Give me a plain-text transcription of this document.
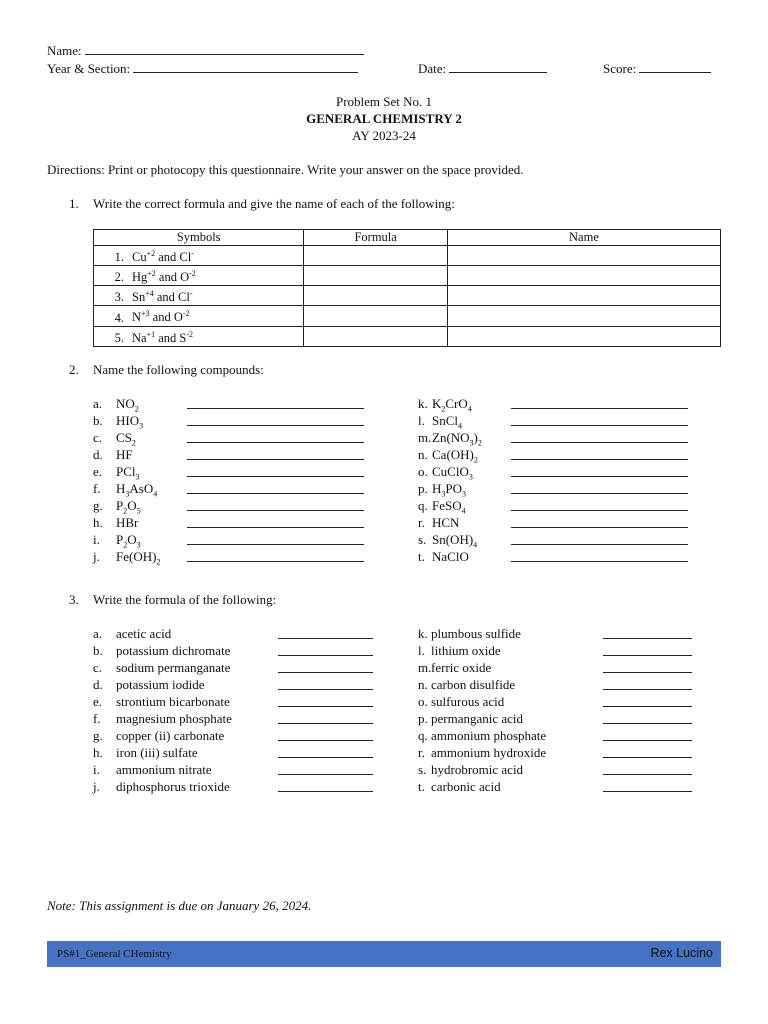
Name:
Year & Section:	Date:	Score:
Problem Set No. 1
GENERAL CHEMISTRY 2
AY 2023-24
Directions: Print or photocopy this questionnaire. Write your answer on the space provided.
1. Write the correct formula and give the name of each of the following:
Symbols	Formula	Name
1. $Cu^{+2}$ and Cl-		
2. $Hg^{+2}$ and $O^{-2}$		
3. $Sn^{+4}$ and Cl-		
4. $N^{+3}$ and $O^{-2}$		
5. $Na^{+1}$ and $S^{-2}$		
2. Name the following compounds:
a. $NO_2$
b. $HIO_3$
c. $CS_2$
d. HF
e. PCl$_3$
f. $H_3AsO_4$
g. $P_2O_5$
h. HBr
i. $P_2O_3$
j. $Fe(OH)_2$
k. $K_2CrO_4$
l. SnCl$_4$
m. $Zn(NO_3)_2$
n. $Ca(OH)_2$
o. CuClO$_3$
p. $H_3PO_3$
q. FeSO$_4$
r. HCN
s. $Sn(OH)_4$
t. NaClO
3. Write the formula of the following:
a. acetic acid
b. potassium dichromate
c. sodium permanganate
d. potassium iodide
e. strontium bicarbonate
f. magnesium phosphate
g. copper (ii) carbonate
h. iron (iii) sulfate
i. ammonium nitrate
j. diphosphorus trioxide
k. plumbous sulfide
l. lithium oxide
m. ferric oxide
n. carbon disulfide
o. sulfurous acid
p. permanganic acid
q. ammonium phosphate
r. ammonium hydroxide
s. hydrobromic acid
t. carbonic acid
Note: This assignment is due on January 26, 2024.
PS#1_General CHemistry	Rex Lucino
